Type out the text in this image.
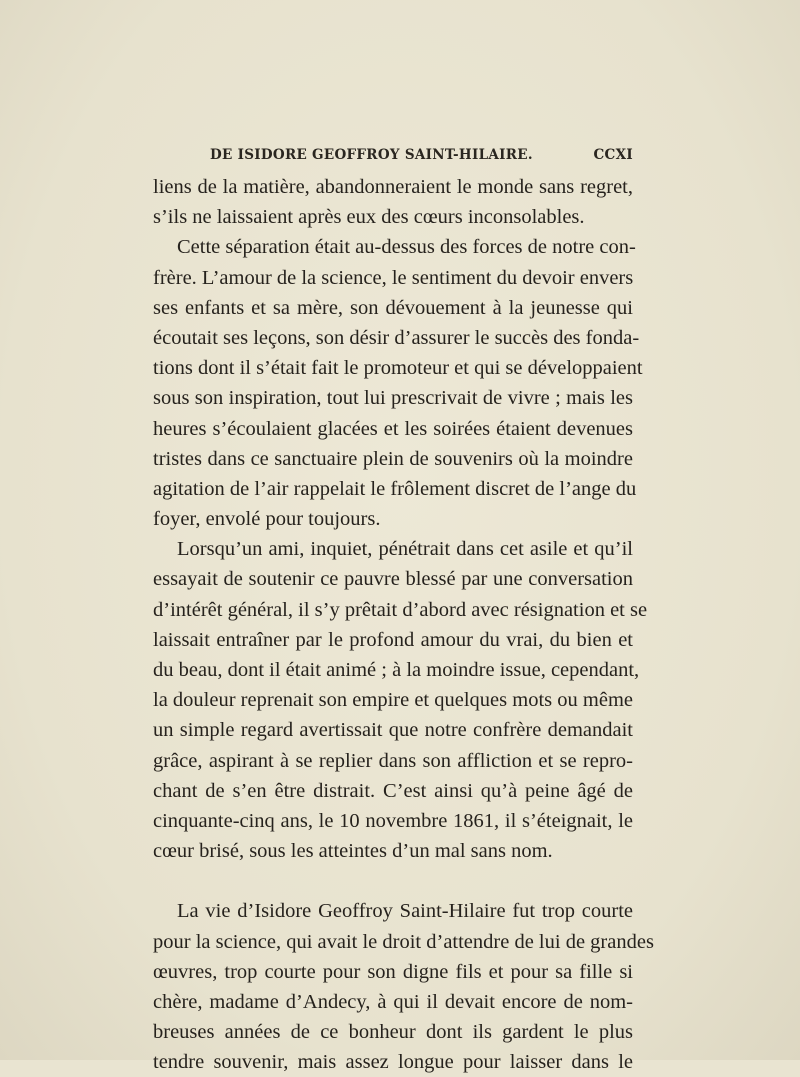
DE ISIDORE GEOFFROY SAINT-HILAIRE.	CCXI
liens de la matière, abandonneraient le monde sans regret,
s’ils ne laissaient après eux des cœurs inconsolables.
Cette séparation était au-dessus des forces de notre con-
frère. L’amour de la science, le sentiment du devoir envers
ses enfants et sa mère, son dévouement à la jeunesse qui
écoutait ses leçons, son désir d’assurer le succès des fonda-
tions dont il s’était fait le promoteur et qui se développaient
sous son inspiration, tout lui prescrivait de vivre ; mais les
heures s’écoulaient glacées et les soirées étaient devenues
tristes dans ce sanctuaire plein de souvenirs où la moindre
agitation de l’air rappelait le frôlement discret de l’ange du
foyer, envolé pour toujours.
Lorsqu’un ami, inquiet, pénétrait dans cet asile et qu’il
essayait de soutenir ce pauvre blessé par une conversation
d’intérêt général, il s’y prêtait d’abord avec résignation et se
laissait entraîner par le profond amour du vrai, du bien et
du beau, dont il était animé ; à la moindre issue, cependant,
la douleur reprenait son empire et quelques mots ou même
un simple regard avertissait que notre confrère demandait
grâce, aspirant à se replier dans son affliction et se repro-
chant de s’en être distrait. C’est ainsi qu’à peine âgé de
cinquante-cinq ans, le 10 novembre 1861, il s’éteignait, le
cœur brisé, sous les atteintes d’un mal sans nom.
La vie d’Isidore Geoffroy Saint-Hilaire fut trop courte
pour la science, qui avait le droit d’attendre de lui de grandes
œuvres, trop courte pour son digne fils et pour sa fille si
chère, madame d’Andecy, à qui il devait encore de nom-
breuses années de ce bonheur dont ils gardent le plus
tendre souvenir, mais assez longue pour laisser dans le
